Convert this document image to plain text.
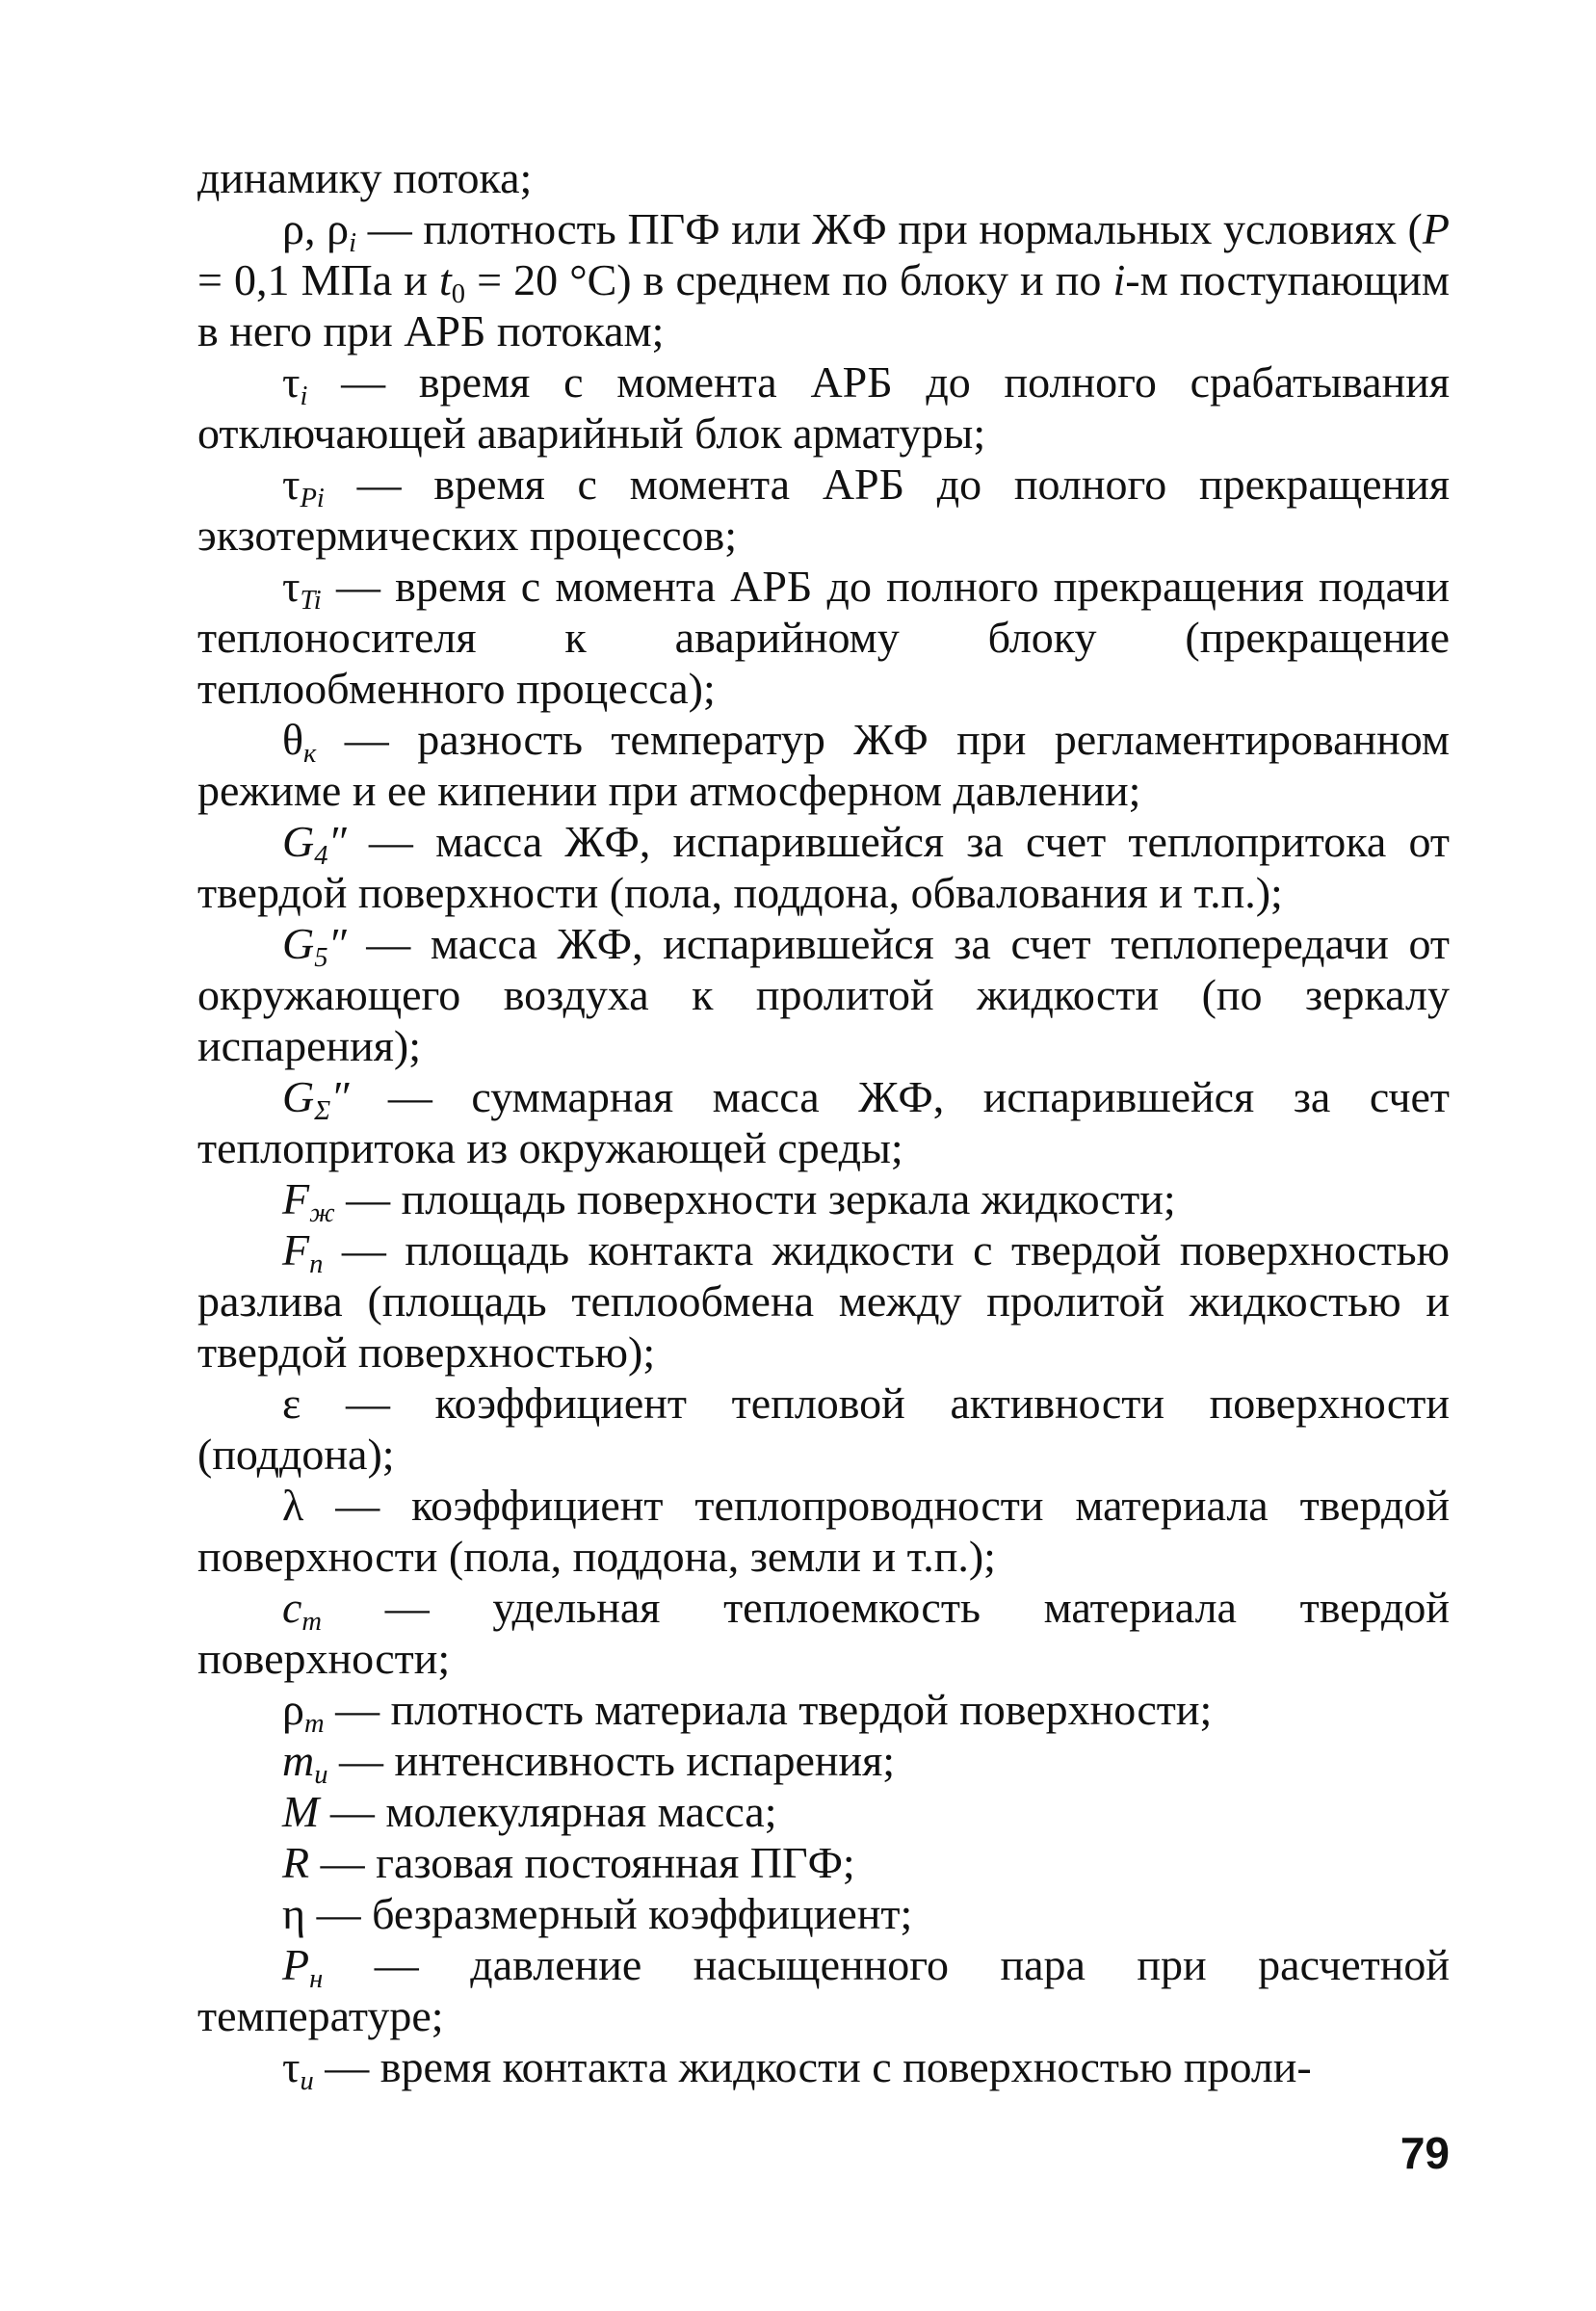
динамику потока;

ρ, $\rho_i$ — плотность ПГФ или ЖФ при нормальных условиях (P = 0,1 МПа и $t_0 = 20$ °С) в среднем по блоку и по i-м поступающим в него при АРБ потокам;

$\tau_i$ — время с момента АРБ до полного срабатывания отключающей аварийный блок арматуры;

$\tau_{Pi}$ — время с момента АРБ до полного прекращения экзотермических процессов;

$\tau_{Ti}$ — время с момента АРБ до полного прекращения подачи теплоносителя к аварийному блоку (прекращение теплообменного процесса);

$\theta_к$ — разность температур ЖФ при регламентированном режиме и ее кипении при атмосферном давлении;

$G_4''$ — масса ЖФ, испарившейся за счет теплопритока от твердой поверхности (пола, поддона, обвалования и т.п.);

$G_5''$ — масса ЖФ, испарившейся за счет теплопередачи от окружающего воздуха к пролитой жидкости (по зеркалу испарения);

$G_\Sigma''$ — суммарная масса ЖФ, испарившейся за счет теплопритока из окружающей среды;

$F_ж$ — площадь поверхности зеркала жидкости;

$F_п$ — площадь контакта жидкости с твердой поверхностью разлива (площадь теплообмена между пролитой жидкостью и твердой поверхностью);

ε — коэффициент тепловой активности поверхности (поддона);

λ — коэффициент теплопроводности материала твердой поверхности (пола, поддона, земли и т.п.);

$c_т$ — удельная теплоемкость материала твердой поверхности;

$\rho_т$ — плотность материала твердой поверхности;

$m_и$ — интенсивность испарения;

M — молекулярная масса;

R — газовая постоянная ПГФ;

η — безразмерный коэффициент;

$P_н$ — давление насыщенного пара при расчетной температуре;

$\tau_и$ — время контакта жидкости с поверхностью проли-

79
